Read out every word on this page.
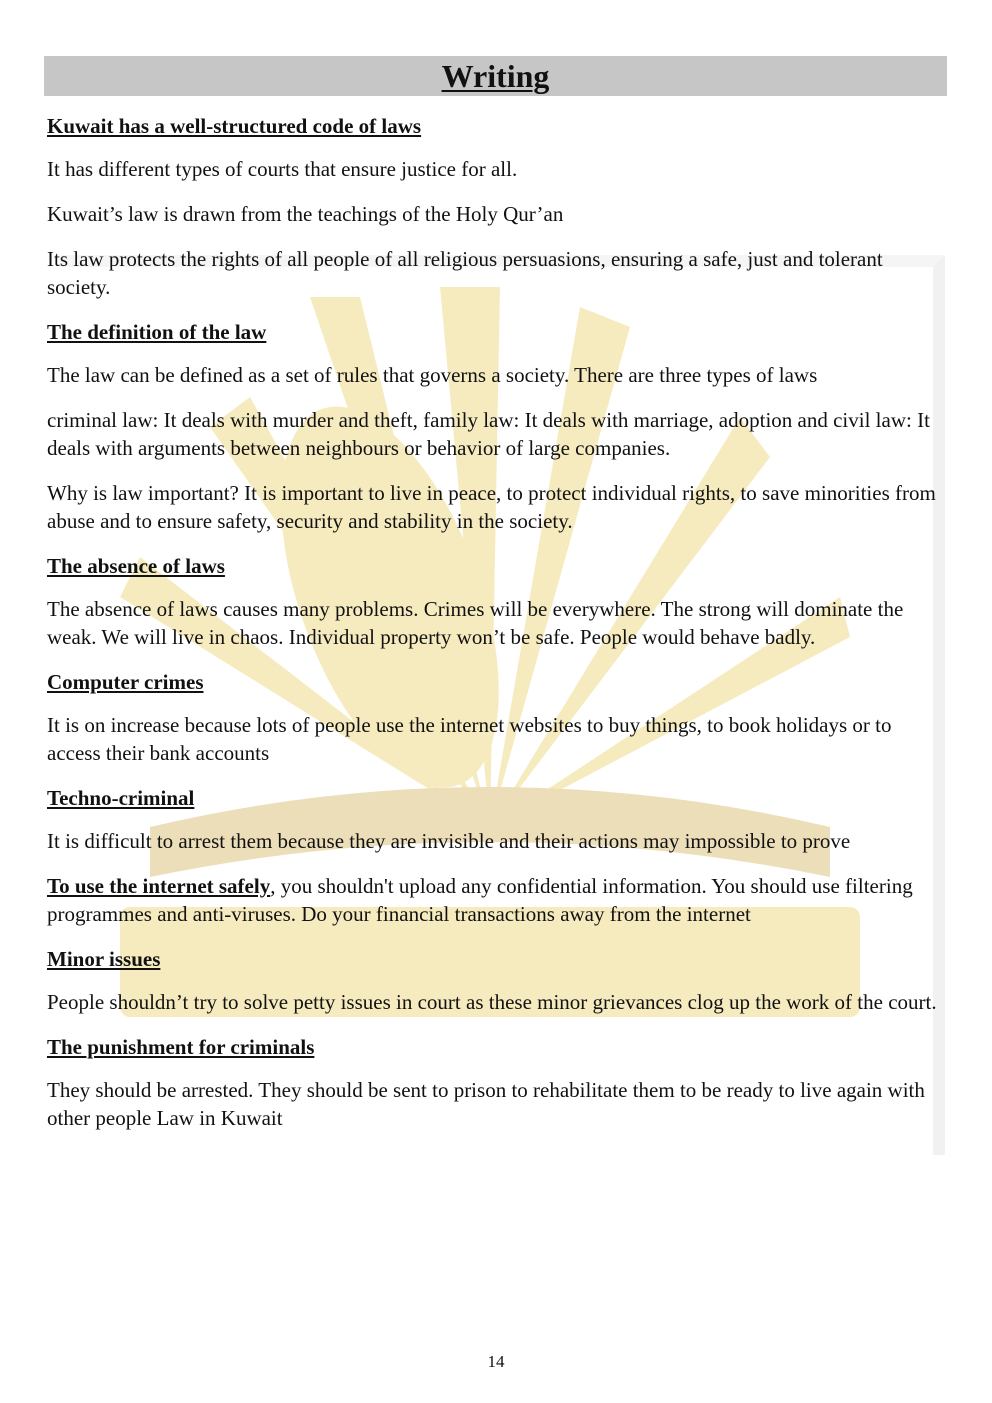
Writing

Kuwait has a well-structured code of laws

It has different types of courts that ensure justice for all.

Kuwait’s law is drawn from the teachings of the Holy Qur’an

Its law protects the rights of all people of all religious persuasions, ensuring a safe, just and tolerant society.

The definition of the law

The law can be defined as a set of rules that governs a society. There are three types of laws

criminal law: It deals with murder and theft, family law: It deals with marriage, adoption and civil law: It deals with arguments between neighbours or behavior of large companies.

Why is law important? It is important to live in peace, to protect individual rights, to save minorities from abuse and to ensure safety, security and stability in the society.

The absence of laws

The absence of laws causes many problems. Crimes will be everywhere. The strong will dominate the weak. We will live in chaos. Individual property won’t be safe. People would behave badly.

Computer crimes

It is on increase because lots of people use the internet websites to buy things, to book holidays or to access their bank accounts

Techno-criminal

It is difficult to arrest them because they are invisible and their actions may impossible to prove

To use the internet safely, you shouldn't upload any confidential information. You should use filtering programmes and anti-viruses. Do your financial transactions away from the internet

Minor issues

People shouldn’t try to solve petty issues in court as these minor grievances clog up the work of the court.

The punishment for criminals

They should be arrested. They should be sent to prison to rehabilitate them to be ready to live again with other people Law in Kuwait

14
